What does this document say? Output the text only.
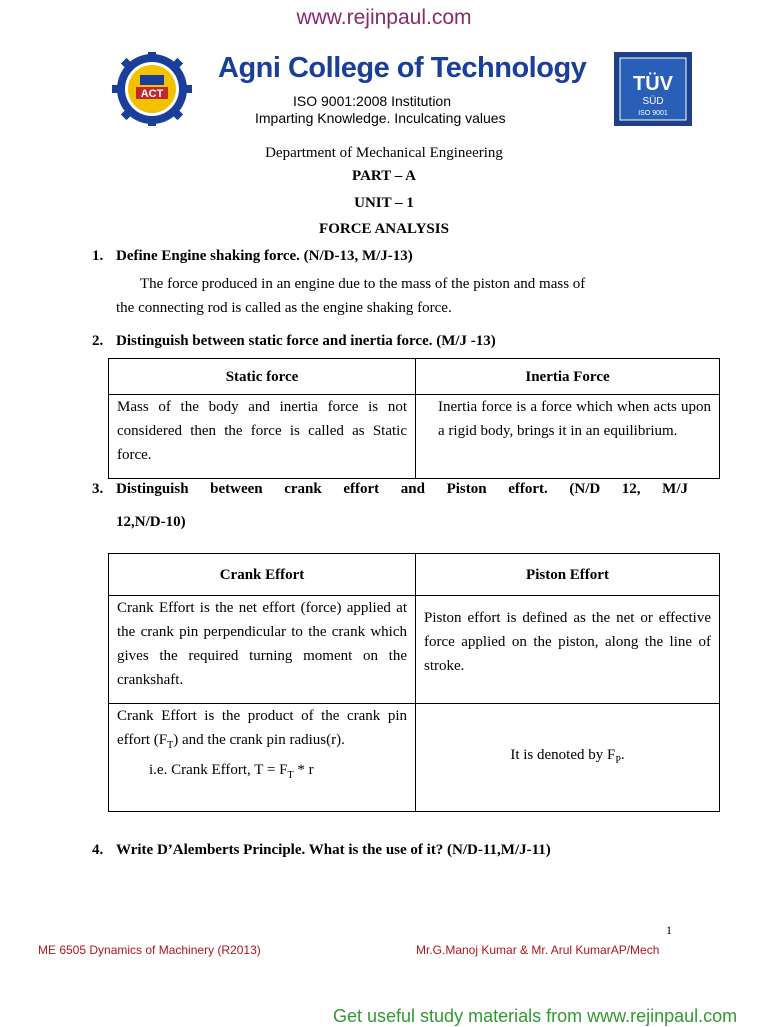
www.rejinpaul.com
ACT
Agni College of Technology
ISO 9001:2008 Institution
Imparting Knowledge. Inculcating values
TÜV
SÜD
ISO 9001
Department of Mechanical Engineering
PART – A
UNIT – 1
FORCE ANALYSIS
1. Define Engine shaking force. (N/D-13, M/J-13)
The force produced in an engine due to the mass of the piston and mass of
the connecting rod is called as the engine shaking force.
2. Distinguish between static force and inertia force. (M/J -13)
Static force	Inertia Force
Mass of the body and inertia force is not considered then the force is called as Static force.	Inertia force is a force which when acts upon a rigid body, brings it in an equilibrium.
3. Distinguish between crank effort and Piston effort. (N/D 12, M/J
12,N/D-10)
Crank Effort	Piston Effort
Crank Effort is the net effort (force) applied at the crank pin perpendicular to the crank which gives the required turning moment on the crankshaft.	Piston effort is defined as the net or effective force applied on the piston, along the line of stroke.

Crank Effort is the product of the crank pin effort $(F_T)$ and the crank pin radius(r).
i.e. Crank Effort, $T = F_T * r$	It is denoted by $F_P$.
4. Write D’Alemberts Principle. What is the use of it? (N/D-11,M/J-11)
1
ME 6505 Dynamics of Machinery (R2013)	Mr.G.Manoj Kumar & Mr. Arul KumarAP/Mech
Get useful study materials from www.rejinpaul.com
